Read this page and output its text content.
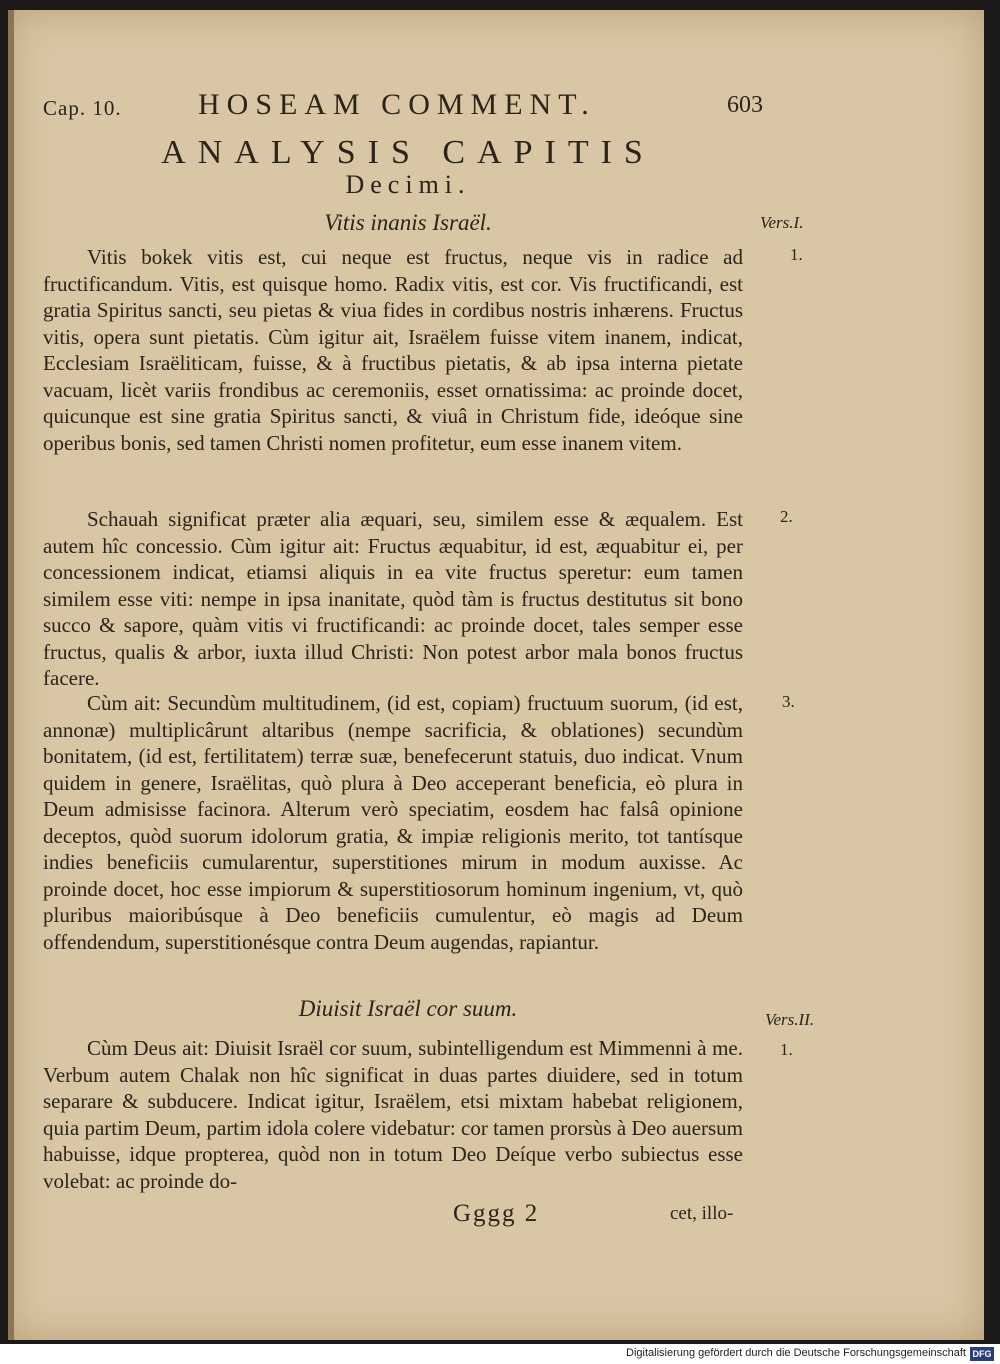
Cap. 10.	HOSEAM COMMENT.	603
ANALYSIS CAPITIS
Decimi.
Vitis inanis Israël.	Vers.I.
1.
Vitis bokek vitis est, cui neque est fructus, neque vis in radice ad fructificandum. Vitis, est quisque homo. Radix vitis, est cor. Vis fructificandi, est gratia Spiritus sancti, seu pietas & viua fides in cordibus nostris inhærens. Fructus vitis, opera sunt pietatis. Cùm igitur ait, Israëlem fuisse vitem inanem, indicat, Ecclesiam Israëliticam, fuisse, & à fructibus pietatis, & ab ipsa interna pietate vacuam, licèt variis frondibus ac ceremoniis, esset ornatissima: ac proinde docet, quicunque est sine gratia Spiritus sancti, & viuâ in Christum fide, ideóque sine operibus bonis, sed tamen Christi nomen profitetur, eum esse inanem vitem.
2.
Schauah significat præter alia æquari, seu, similem esse & æqualem. Est autem hîc concessio. Cùm igitur ait: Fructus æquabitur, id est, æquabitur ei, per concessionem indicat, etiamsi aliquis in ea vite fructus speretur: eum tamen similem esse viti: nempe in ipsa inanitate, quòd tàm is fructus destitutus sit bono succo & sapore, quàm vitis vi fructificandi: ac proinde docet, tales semper esse fructus, qualis & arbor, iuxta illud Christi: Non potest arbor mala bonos fructus facere.
3.
Cùm ait: Secundùm multitudinem, (id est, copiam) fructuum suorum, (id est, annonæ) multiplicârunt altaribus (nempe sacrificia, & oblationes) secundùm bonitatem, (id est, fertilitatem) terræ suæ, benefecerunt statuis, duo indicat. Vnum quidem in genere, Israëlitas, quò plura à Deo acceperant beneficia, eò plura in Deum admisisse facinora. Alterum verò speciatim, eosdem hac falsâ opinione deceptos, quòd suorum idolorum gratia, & impiæ religionis merito, tot tantísque indies beneficiis cumularentur, superstitiones mirum in modum auxisse. Ac proinde docet, hoc esse impiorum & superstitiosorum hominum ingenium, vt, quò pluribus maioribúsque à Deo beneficiis cumulentur, eò magis ad Deum offendendum, superstitionésque contra Deum augendas, rapiantur.
Diuisit Israël cor suum.	Vers.II.
1.
Cùm Deus ait: Diuisit Israël cor suum, subintelligendum est Mimmenni à me. Verbum autem Chalak non hîc significat in duas partes diuidere, sed in totum separare & subducere. Indicat igitur, Israëlem, etsi mixtam habebat religionem, quia partim Deum, partim idola colere videbatur: cor tamen prorsùs à Deo auersum habuisse, idque propterea, quòd non in totum Deo Deíque verbo subiectus esse volebat: ac proinde do-
Gggg 2	cet, illo-
Digitalisierung gefördert durch die Deutsche Forschungsgemeinschaft DFG
